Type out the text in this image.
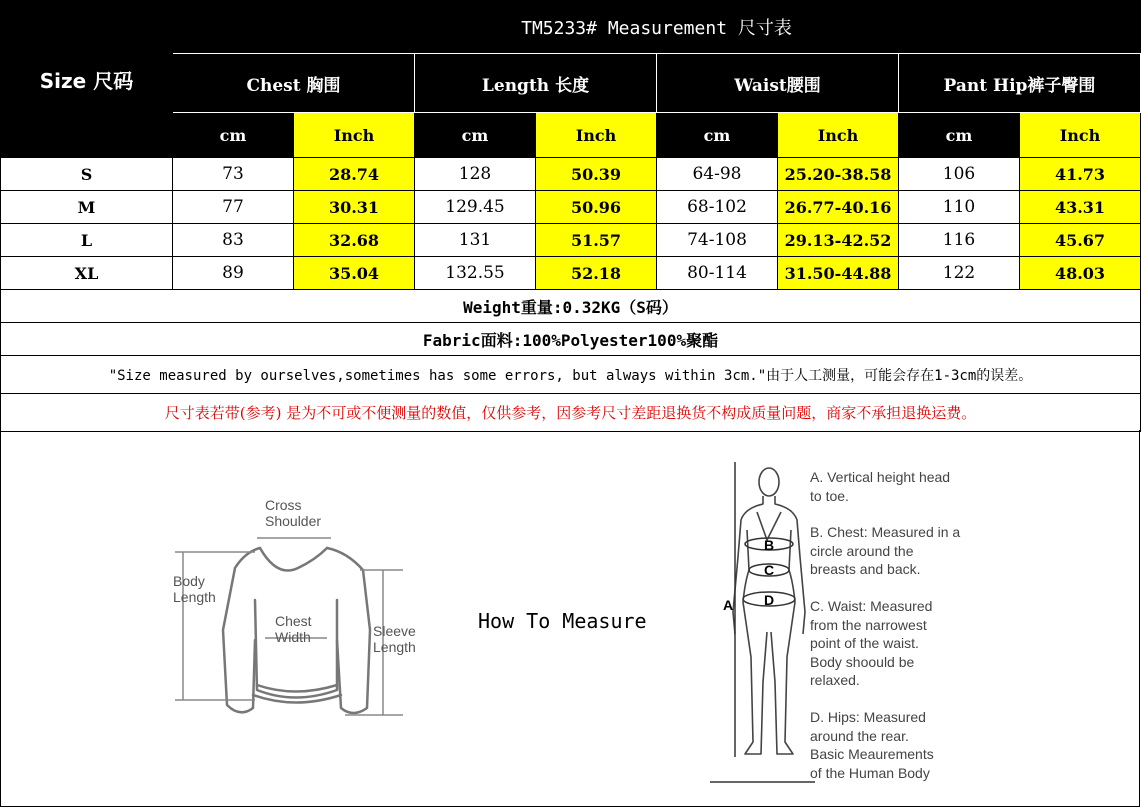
Size 尺码	TM5233# Measurement 尺寸表							
	Chest 胸围		Length 长度		Waist腰围		Pant Hip裤子臀围	
	cm	Inch	cm	Inch	cm	Inch	cm	Inch
S	73	28.74	128	50.39	64-98	25.20-38.58	106	41.73
M	77	30.31	129.45	50.96	68-102	26.77-40.16	110	43.31
L	83	32.68	131	51.57	74-108	29.13-42.52	116	45.67
XL	89	35.04	132.55	52.18	80-114	31.50-44.88	122	48.03
Weight重量:0.32KG（S码）								
Fabric面料:100%Polyester100%聚酯								
"Size measured by ourselves,sometimes has some errors, but always within 3cm."由于人工测量，可能会存在1-3cm的误差。								
尺寸表若带(参考) 是为不可或不便测量的数值，仅供参考，因参考尺寸差距退换货不构成质量问题，商家不承担退换运费。								
Cross
Shoulder
Body
Length
Chest
Width	Sleeve
Length
How To Measure
A
B
C
D
A. Vertical height head
to toe.
B. Chest: Measured in a
circle around the
breasts and back.
C. Waist: Measured
from the narrowest
point of the waist.
Body shoould be
relaxed.
D. Hips: Measured
around the rear.
Basic Meaurements
of the Human Body
